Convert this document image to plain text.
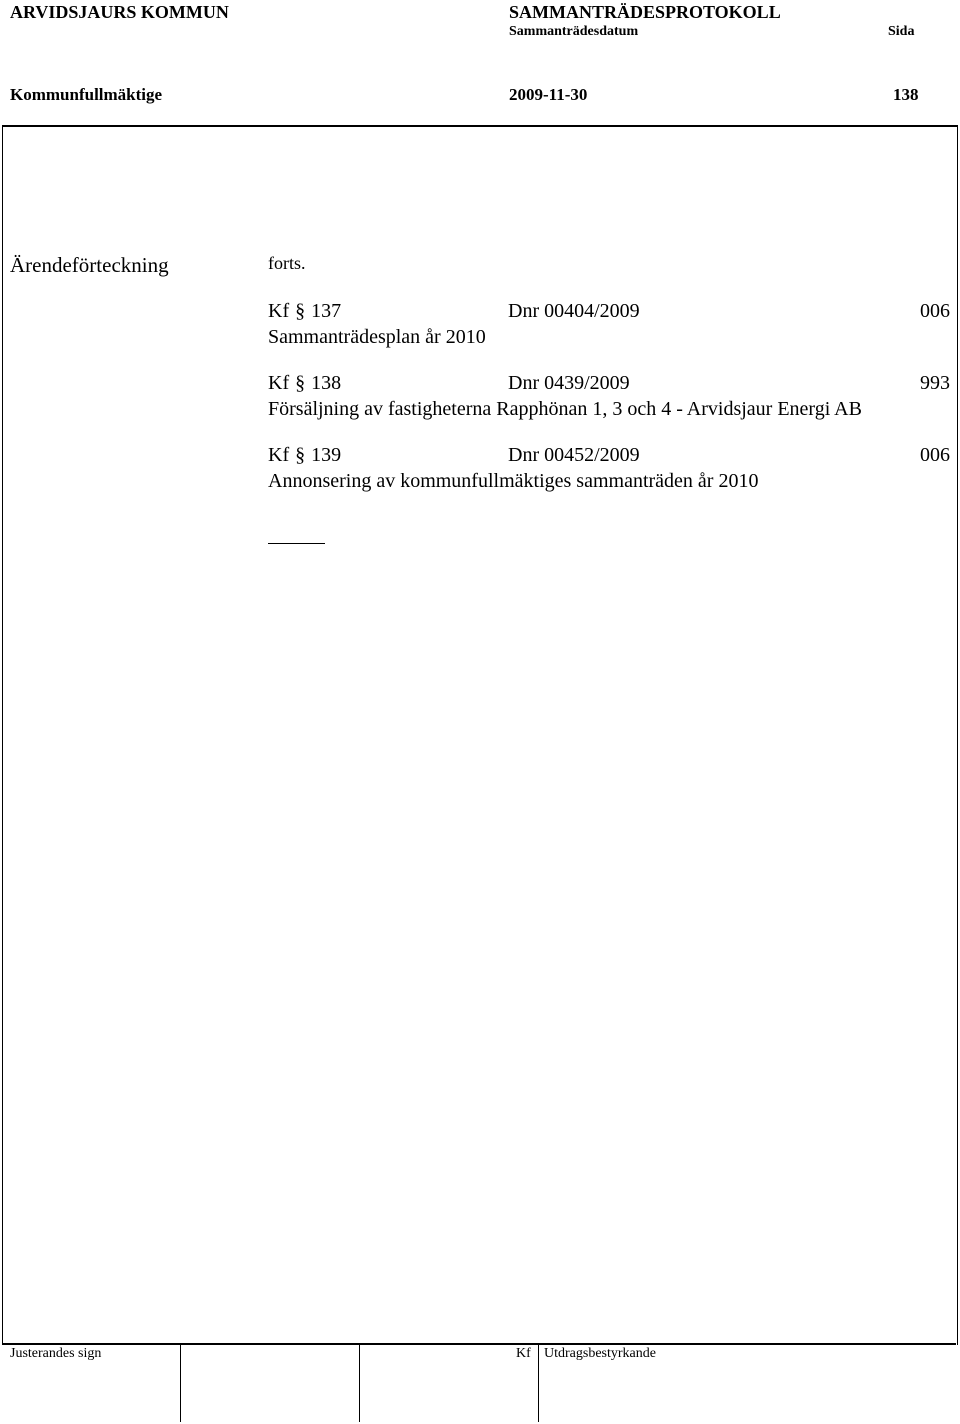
ARVIDSJAURS KOMMUN	SAMMANTRÄDESPROTOKOLL
Sammanträdesdatum	Sida
Kommunfullmäktige	2009-11-30	138
Ärendeförteckning	forts.
Kf § 137	Dnr 00404/2009	006
Sammanträdesplan år 2010
Kf § 138	Dnr 0439/2009	993
Försäljning av fastigheterna Rapphönan 1, 3 och 4 - Arvidsjaur Energi AB
Kf § 139	Dnr 00452/2009	006
Annonsering av kommunfullmäktiges sammanträden år 2010
Justerandes sign	Kf Utdragsbestyrkande
